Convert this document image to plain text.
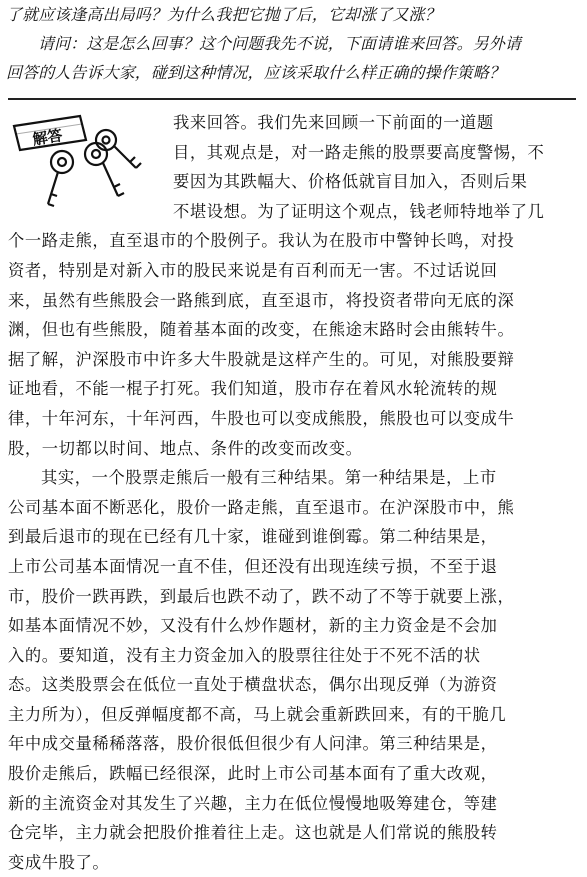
了就应该逢高出局吗？为什么我把它抛了后，它却涨了又涨？
请问：这是怎么回事？这个问题我先不说，下面请谁来回答。另外请
回答的人告诉大家，碰到这种情况，应该采取什么样正确的操作策略？
解答
我来回答。我们先来回顾一下前面的一道题
目，其观点是，对一路走熊的股票要高度警惕，不
要因为其跌幅大、价格低就盲目加入，否则后果
不堪设想。为了证明这个观点，钱老师特地举了几
个一路走熊，直至退市的个股例子。我认为在股市中警钟长鸣，对投
资者，特别是对新入市的股民来说是有百利而无一害。不过话说回
来，虽然有些熊股会一路熊到底，直至退市，将投资者带向无底的深
渊，但也有些熊股，随着基本面的改变，在熊途末路时会由熊转牛。
据了解，沪深股市中许多大牛股就是这样产生的。可见，对熊股要辩
证地看，不能一棍子打死。我们知道，股市存在着风水轮流转的规
律，十年河东，十年河西，牛股也可以变成熊股，熊股也可以变成牛
股，一切都以时间、地点、条件的改变而改变。
其实，一个股票走熊后一般有三种结果。第一种结果是，上市
公司基本面不断恶化，股价一路走熊，直至退市。在沪深股市中，熊
到最后退市的现在已经有几十家，谁碰到谁倒霉。第二种结果是，
上市公司基本面情况一直不佳，但还没有出现连续亏损，不至于退
市，股价一跌再跌，到最后也跌不动了，跌不动了不等于就要上涨，
如基本面情况不妙，又没有什么炒作题材，新的主力资金是不会加
入的。要知道，没有主力资金加入的股票往往处于不死不活的状
态。这类股票会在低位一直处于横盘状态，偶尔出现反弹（为游资
主力所为），但反弹幅度都不高，马上就会重新跌回来，有的干脆几
年中成交量稀稀落落，股价很低但很少有人问津。第三种结果是，
股价走熊后，跌幅已经很深，此时上市公司基本面有了重大改观，
新的主流资金对其发生了兴趣，主力在低位慢慢地吸筹建仓，等建
仓完毕，主力就会把股价推着往上走。这也就是人们常说的熊股转
变成牛股了。
